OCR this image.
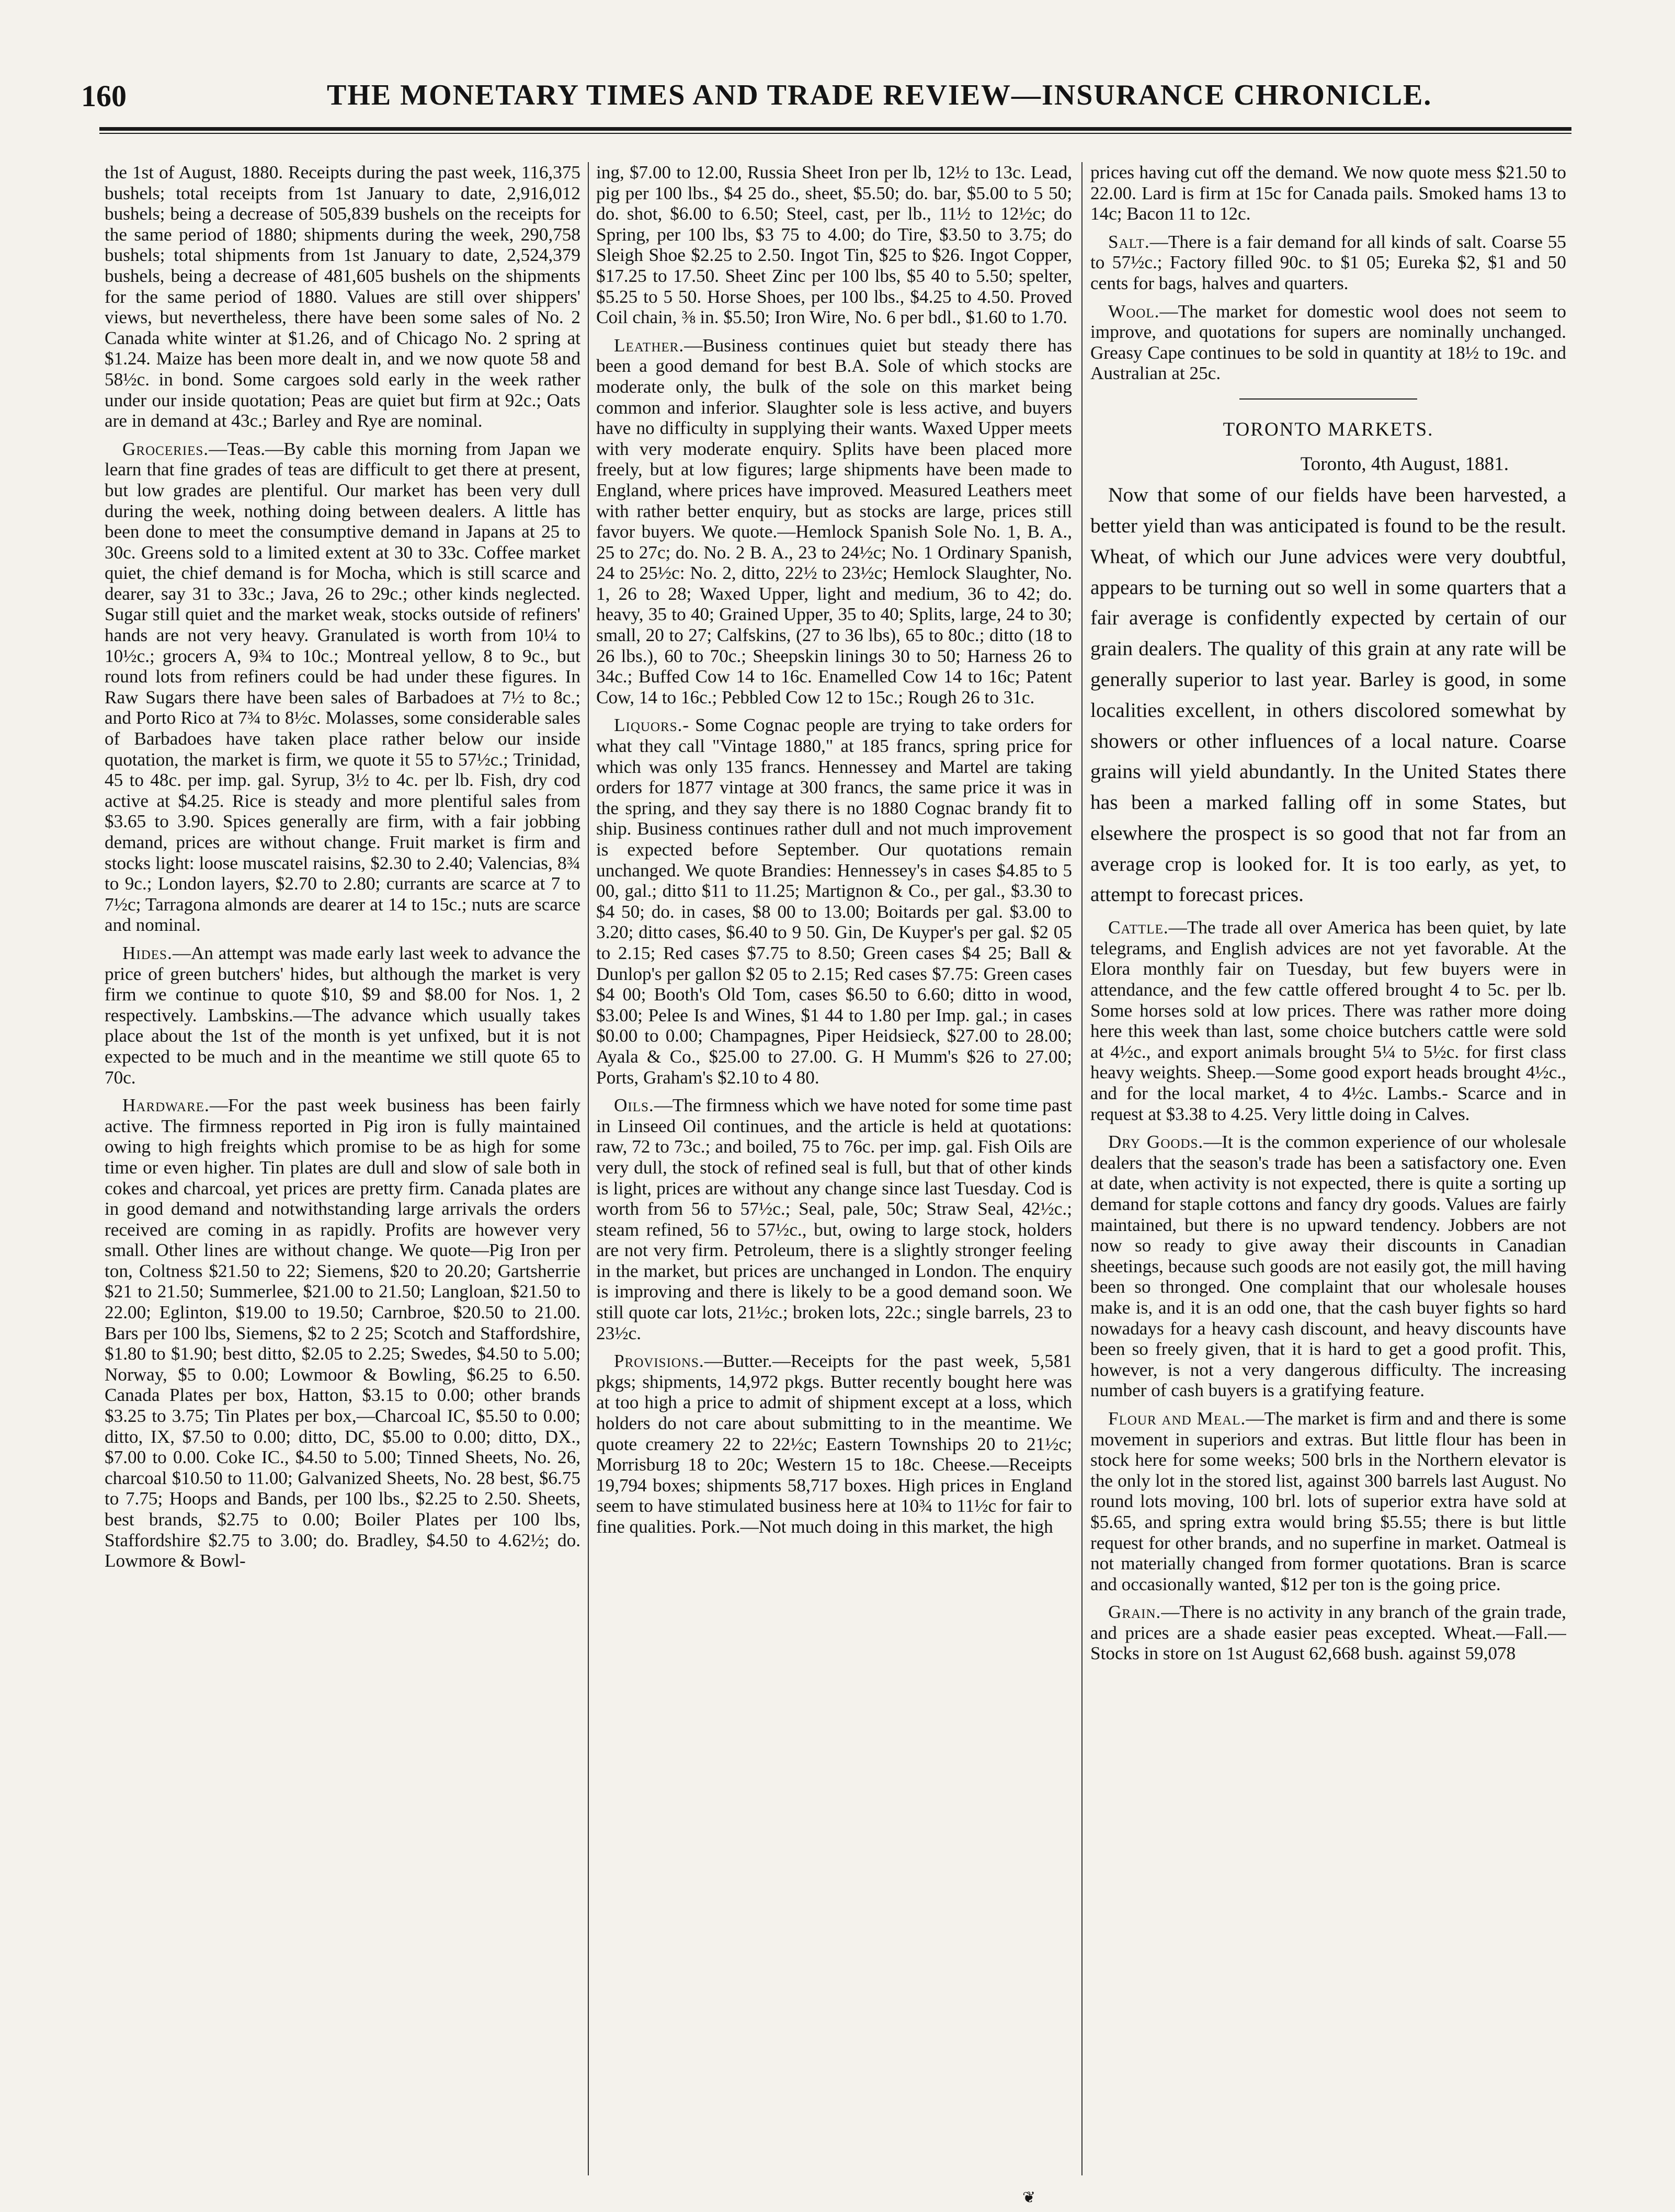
160	THE MONETARY TIMES AND TRADE REVIEW—INSURANCE CHRONICLE.

the 1st of August, 1880. Receipts during the past week, 116,375 bushels; total receipts from 1st January to date, 2,916,012 bushels; being a decrease of 505,839 bushels on the receipts for the same period of 1880; shipments during the week, 290,758 bushels; total shipments from 1st January to date, 2,524,379 bushels, being a decrease of 481,605 bushels on the shipments for the same period of 1880. Values are still over shippers' views, but nevertheless, there have been some sales of No. 2 Canada white winter at $1.26, and of Chicago No. 2 spring at $1.24. Maize has been more dealt in, and we now quote 58 and 58½c. in bond. Some cargoes sold early in the week rather under our inside quotation; Peas are quiet but firm at 92c.; Oats are in demand at 43c.; Barley and Rye are nominal.

Groceries.—Teas.—By cable this morning from Japan we learn that fine grades of teas are difficult to get there at present, but low grades are plentiful. Our market has been very dull during the week, nothing doing between dealers. A little has been done to meet the consumptive demand in Japans at 25 to 30c. Greens sold to a limited extent at 30 to 33c. Coffee market quiet, the chief demand is for Mocha, which is still scarce and dearer, say 31 to 33c.; Java, 26 to 29c.; other kinds neglected. Sugar still quiet and the market weak, stocks outside of refiners' hands are not very heavy. Granulated is worth from 10¼ to 10½c.; grocers A, 9¾ to 10c.; Montreal yellow, 8 to 9c., but round lots from refiners could be had under these figures. In Raw Sugars there have been sales of Barbadoes at 7½ to 8c.; and Porto Rico at 7¾ to 8½c. Molasses, some considerable sales of Barbadoes have taken place rather below our inside quotation, the market is firm, we quote it 55 to 57½c.; Trinidad, 45 to 48c. per imp. gal. Syrup, 3½ to 4c. per lb. Fish, dry cod active at $4.25. Rice is steady and more plentiful sales from $3.65 to 3.90. Spices generally are firm, with a fair jobbing demand, prices are without change. Fruit market is firm and stocks light: loose muscatel raisins, $2.30 to 2.40; Valencias, 8¾ to 9c.; London layers, $2.70 to 2.80; currants are scarce at 7 to 7½c; Tarragona almonds are dearer at 14 to 15c.; nuts are scarce and nominal.

Hides.—An attempt was made early last week to advance the price of green butchers' hides, but although the market is very firm we continue to quote $10, $9 and $8.00 for Nos. 1, 2 respectively. Lambskins.—The advance which usually takes place about the 1st of the month is yet unfixed, but it is not expected to be much and in the meantime we still quote 65 to 70c.

Hardware.—For the past week business has been fairly active. The firmness reported in Pig iron is fully maintained owing to high freights which promise to be as high for some time or even higher. Tin plates are dull and slow of sale both in cokes and charcoal, yet prices are pretty firm. Canada plates are in good demand and notwithstanding large arrivals the orders received are coming in as rapidly. Profits are however very small. Other lines are without change. We quote—Pig Iron per ton, Coltness $21.50 to 22; Siemens, $20 to 20.20; Gartsherrie $21 to 21.50; Summerlee, $21.00 to 21.50; Langloan, $21.50 to 22.00; Eglinton, $19.00 to 19.50; Carnbroe, $20.50 to 21.00. Bars per 100 lbs, Siemens, $2 to 2 25; Scotch and Staffordshire, $1.80 to $1.90; best ditto, $2.05 to 2.25; Swedes, $4.50 to 5.00; Norway, $5 to 0.00; Lowmoor & Bowling, $6.25 to 6.50. Canada Plates per box, Hatton, $3.15 to 0.00; other brands $3.25 to 3.75; Tin Plates per box,—Charcoal IC, $5.50 to 0.00; ditto, IX, $7.50 to 0.00; ditto, DC, $5.00 to 0.00; ditto, DX., $7.00 to 0.00. Coke IC., $4.50 to 5.00; Tinned Sheets, No. 26, charcoal $10.50 to 11.00; Galvanized Sheets, No. 28 best, $6.75 to 7.75; Hoops and Bands, per 100 lbs., $2.25 to 2.50. Sheets, best brands, $2.75 to 0.00; Boiler Plates per 100 lbs, Staffordshire $2.75 to 3.00; do. Bradley, $4.50 to 4.62½; do. Lowmore & Bowl-

ing, $7.00 to 12.00, Russia Sheet Iron per lb, 12½ to 13c. Lead, pig per 100 lbs., $4 25 do., sheet, $5.50; do. bar, $5.00 to 5 50; do. shot, $6.00 to 6.50; Steel, cast, per lb., 11½ to 12½c; do Spring, per 100 lbs, $3 75 to 4.00; do Tire, $3.50 to 3.75; do Sleigh Shoe $2.25 to 2.50. Ingot Tin, $25 to $26. Ingot Copper, $17.25 to 17.50. Sheet Zinc per 100 lbs, $5 40 to 5.50; spelter, $5.25 to 5 50. Horse Shoes, per 100 lbs., $4.25 to 4.50. Proved Coil chain, ⅜ in. $5.50; Iron Wire, No. 6 per bdl., $1.60 to 1.70.

Leather.—Business continues quiet but steady there has been a good demand for best B.A. Sole of which stocks are moderate only, the bulk of the sole on this market being common and inferior. Slaughter sole is less active, and buyers have no difficulty in supplying their wants. Waxed Upper meets with very moderate enquiry. Splits have been placed more freely, but at low figures; large shipments have been made to England, where prices have improved. Measured Leathers meet with rather better enquiry, but as stocks are large, prices still favor buyers. We quote.—Hemlock Spanish Sole No. 1, B. A., 25 to 27c; do. No. 2 B. A., 23 to 24½c; No. 1 Ordinary Spanish, 24 to 25½c: No. 2, ditto, 22½ to 23½c; Hemlock Slaughter, No. 1, 26 to 28; Waxed Upper, light and medium, 36 to 42; do. heavy, 35 to 40; Grained Upper, 35 to 40; Splits, large, 24 to 30; small, 20 to 27; Calfskins, (27 to 36 lbs), 65 to 80c.; ditto (18 to 26 lbs.), 60 to 70c.; Sheepskin linings 30 to 50; Harness 26 to 34c.; Buffed Cow 14 to 16c. Enamelled Cow 14 to 16c; Patent Cow, 14 to 16c.; Pebbled Cow 12 to 15c.; Rough 26 to 31c.

Liquors.- Some Cognac people are trying to take orders for what they call "Vintage 1880," at 185 francs, spring price for which was only 135 francs. Hennessey and Martel are taking orders for 1877 vintage at 300 francs, the same price it was in the spring, and they say there is no 1880 Cognac brandy fit to ship. Business continues rather dull and not much improvement is expected before September. Our quotations remain unchanged. We quote Brandies: Hennessey's in cases $4.85 to 5 00, gal.; ditto $11 to 11.25; Martignon & Co., per gal., $3.30 to $4 50; do. in cases, $8 00 to 13.00; Boitards per gal. $3.00 to 3.20; ditto cases, $6.40 to 9 50. Gin, De Kuyper's per gal. $2 05 to 2.15; Red cases $7.75 to 8.50; Green cases $4 25; Ball & Dunlop's per gallon $2 05 to 2.15; Red cases $7.75: Green cases $4 00; Booth's Old Tom, cases $6.50 to 6.60; ditto in wood, $3.00; Pelee Is and Wines, $1 44 to 1.80 per Imp. gal.; in cases $0.00 to 0.00; Champagnes, Piper Heidsieck, $27.00 to 28.00; Ayala & Co., $25.00 to 27.00. G. H Mumm's $26 to 27.00; Ports, Graham's $2.10 to 4 80.

Oils.—The firmness which we have noted for some time past in Linseed Oil continues, and the article is held at quotations: raw, 72 to 73c.; and boiled, 75 to 76c. per imp. gal. Fish Oils are very dull, the stock of refined seal is full, but that of other kinds is light, prices are without any change since last Tuesday. Cod is worth from 56 to 57½c.; Seal, pale, 50c; Straw Seal, 42½c.; steam refined, 56 to 57½c., but, owing to large stock, holders are not very firm. Petroleum, there is a slightly stronger feeling in the market, but prices are unchanged in London. The enquiry is improving and there is likely to be a good demand soon. We still quote car lots, 21½c.; broken lots, 22c.; single barrels, 23 to 23½c.

Provisions.—Butter.—Receipts for the past week, 5,581 pkgs; shipments, 14,972 pkgs. Butter recently bought here was at too high a price to admit of shipment except at a loss, which holders do not care about submitting to in the meantime. We quote creamery 22 to 22½c; Eastern Townships 20 to 21½c; Morrisburg 18 to 20c; Western 15 to 18c. Cheese.—Receipts 19,794 boxes; shipments 58,717 boxes. High prices in England seem to have stimulated business here at 10¾ to 11½c for fair to fine qualities. Pork.—Not much doing in this market, the high

prices having cut off the demand. We now quote mess $21.50 to 22.00. Lard is firm at 15c for Canada pails. Smoked hams 13 to 14c; Bacon 11 to 12c.

Salt.—There is a fair demand for all kinds of salt. Coarse 55 to 57½c.; Factory filled 90c. to $1 05; Eureka $2, $1 and 50 cents for bags, halves and quarters.

Wool.—The market for domestic wool does not seem to improve, and quotations for supers are nominally unchanged. Greasy Cape continues to be sold in quantity at 18½ to 19c. and Australian at 25c.

TORONTO MARKETS.
Toronto, 4th August, 1881.

Now that some of our fields have been harvested, a better yield than was anticipated is found to be the result. Wheat, of which our June advices were very doubtful, appears to be turning out so well in some quarters that a fair average is confidently expected by certain of our grain dealers. The quality of this grain at any rate will be generally superior to last year. Barley is good, in some localities excellent, in others discolored somewhat by showers or other influences of a local nature. Coarse grains will yield abundantly. In the United States there has been a marked falling off in some States, but elsewhere the prospect is so good that not far from an average crop is looked for. It is too early, as yet, to attempt to forecast prices.

Cattle.—The trade all over America has been quiet, by late telegrams, and English advices are not yet favorable. At the Elora monthly fair on Tuesday, but few buyers were in attendance, and the few cattle offered brought 4 to 5c. per lb. Some horses sold at low prices. There was rather more doing here this week than last, some choice butchers cattle were sold at 4½c., and export animals brought 5¼ to 5½c. for first class heavy weights. Sheep.—Some good export heads brought 4½c., and for the local market, 4 to 4½c. Lambs.- Scarce and in request at $3.38 to 4.25. Very little doing in Calves.

Dry Goods.—It is the common experience of our wholesale dealers that the season's trade has been a satisfactory one. Even at date, when activity is not expected, there is quite a sorting up demand for staple cottons and fancy dry goods. Values are fairly maintained, but there is no upward tendency. Jobbers are not now so ready to give away their discounts in Canadian sheetings, because such goods are not easily got, the mill having been so thronged. One complaint that our wholesale houses make is, and it is an odd one, that the cash buyer fights so hard nowadays for a heavy cash discount, and heavy discounts have been so freely given, that it is hard to get a good profit. This, however, is not a very dangerous difficulty. The increasing number of cash buyers is a gratifying feature.

Flour and Meal.—The market is firm and and there is some movement in superiors and extras. But little flour has been in stock here for some weeks; 500 brls in the Northern elevator is the only lot in the stored list, against 300 barrels last August. No round lots moving, 100 brl. lots of superior extra have sold at $5.65, and spring extra would bring $5.55; there is but little request for other brands, and no superfine in market. Oatmeal is not materially changed from former quotations. Bran is scarce and occasionally wanted, $12 per ton is the going price.

Grain.—There is no activity in any branch of the grain trade, and prices are a shade easier peas excepted. Wheat.—Fall.—Stocks in store on 1st August 62,668 bush. against 59,078

❦
